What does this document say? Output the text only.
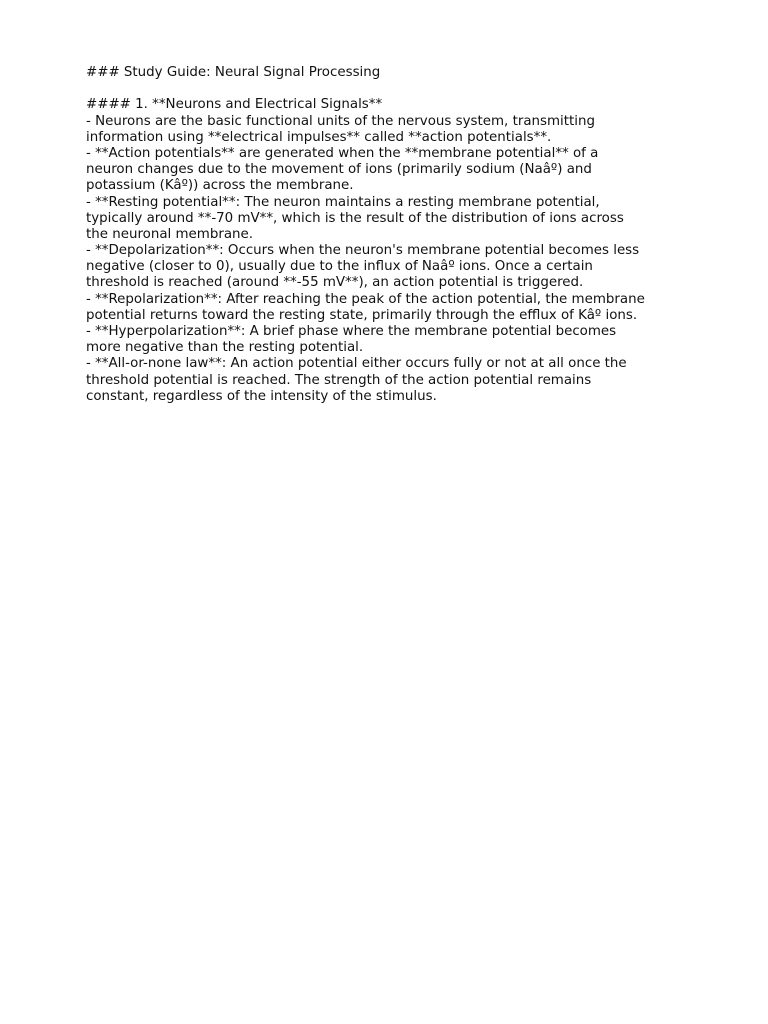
### Study Guide: Neural Signal Processing
#### 1. **Neurons and Electrical Signals**
- Neurons are the basic functional units of the nervous system, transmitting
information using **electrical impulses** called **action potentials**.
- **Action potentials** are generated when the **membrane potential** of a
neuron changes due to the movement of ions (primarily sodium (Naâº) and
potassium (Kâº)) across the membrane.
- **Resting potential**: The neuron maintains a resting membrane potential,
typically around **-70 mV**, which is the result of the distribution of ions across
the neuronal membrane.
- **Depolarization**: Occurs when the neuron's membrane potential becomes less
negative (closer to 0), usually due to the influx of Naâº ions. Once a certain
threshold is reached (around **-55 mV**), an action potential is triggered.
- **Repolarization**: After reaching the peak of the action potential, the membrane
potential returns toward the resting state, primarily through the efflux of Kâº ions.
- **Hyperpolarization**: A brief phase where the membrane potential becomes
more negative than the resting potential.
- **All-or-none law**: An action potential either occurs fully or not at all once the
threshold potential is reached. The strength of the action potential remains
constant, regardless of the intensity of the stimulus.
